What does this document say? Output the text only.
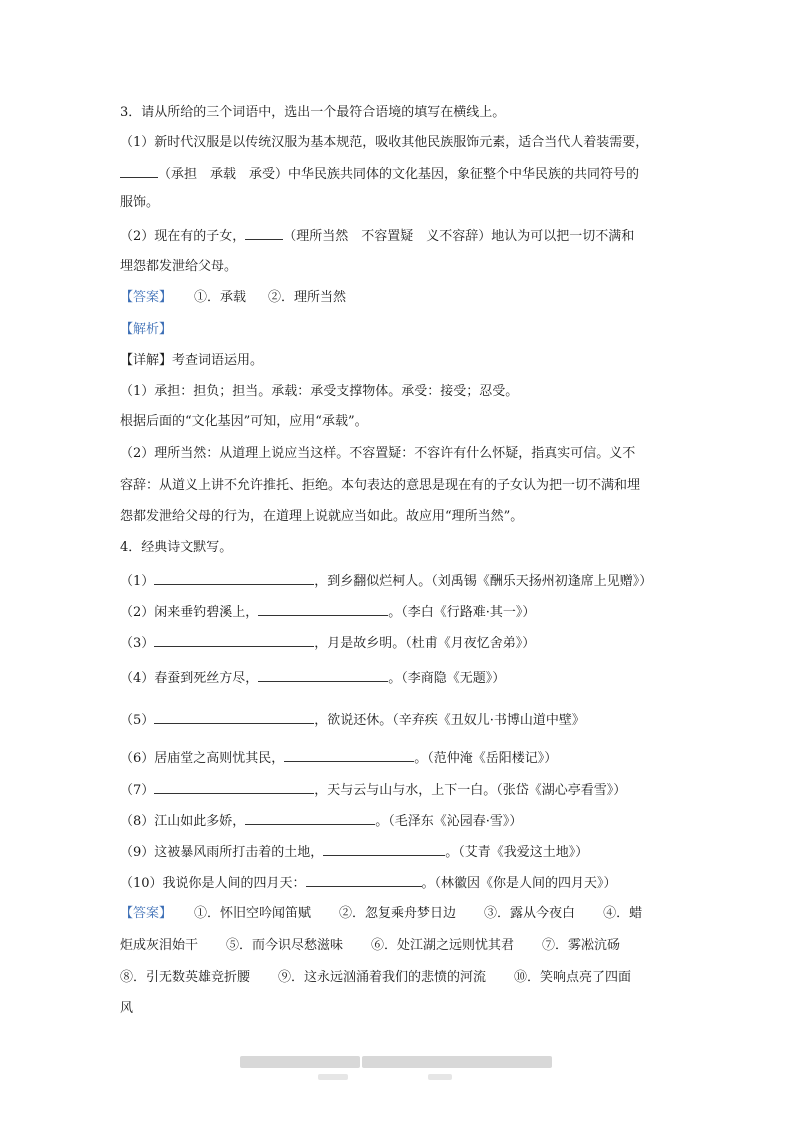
3．请从所给的三个词语中，选出一个最符合语境的填写在横线上。
（1）新时代汉服是以传统汉服为基本规范，吸收其他民族服饰元素，适合当代人着装需要，
（承担　承载　承受）中华民族共同体的文化基因，象征整个中华民族的共同符号的
服饰。
（2）现在有的子女，	（理所当然　不容置疑　义不容辞）地认为可以把一切不满和
埋怨都发泄给父母。
【答案】 ①．承载 ②．理所当然
【解析】
【详解】考查词语运用。
（1）承担：担负；担当。承载：承受支撑物体。承受：接受；忍受。
根据后面的“文化基因”可知，应用“承载”。
（2）理所当然：从道理上说应当这样。不容置疑：不容许有什么怀疑，指真实可信。义不
容辞：从道义上讲不允许推托、拒绝。本句表达的意思是现在有的子女认为把一切不满和埋
怨都发泄给父母的行为，在道理上说就应当如此。故应用“理所当然”。
4．经典诗文默写。
（1）	，到乡翻似烂柯人。（刘禹锡《酬乐天扬州初逢席上见赠》）
（2）闲来垂钓碧溪上，	。（李白《行路难·其一》）
（3）	，月是故乡明。（杜甫《月夜忆舍弟》）
（4）春蚕到死丝方尽，	。（李商隐《无题》）
（5）	，欲说还休。（辛弃疾《丑奴儿·书博山道中壁》
（6）居庙堂之高则忧其民，	。（范仲淹《岳阳楼记》）
（7）	，天与云与山与水，上下一白。（张岱《湖心亭看雪》）
（8）江山如此多娇，	。（毛泽东《沁园春·雪》）
（9）这被暴风雨所打击着的土地，	。（艾青《我爱这土地》）
（10）我说你是人间的四月天：	。（林徽因《你是人间的四月天》）
【答案】 ①．怀旧空吟闻笛赋 ②．忽复乘舟梦日边 ③．露从今夜白 ④．蜡
炬成灰泪始干 ⑤．而今识尽愁滋味 ⑥．处江湖之远则忧其君 ⑦．雾凇沆砀
⑧．引无数英雄竞折腰 ⑨．这永远汹涌着我们的悲愤的河流 ⑩．笑响点亮了四面
风
